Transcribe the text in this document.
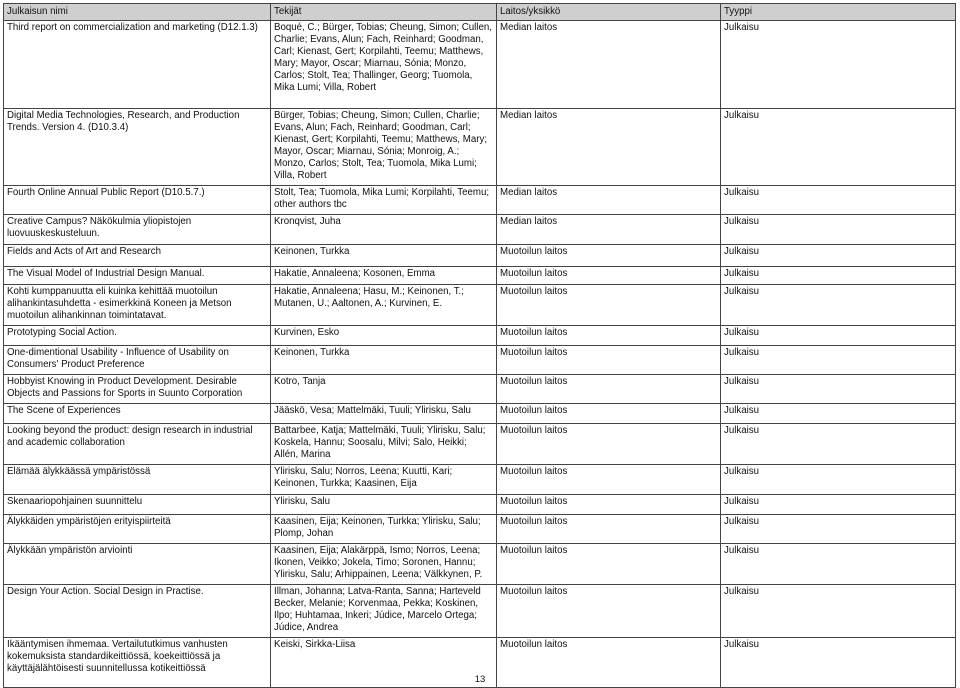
Julkaisun nimi	Tekijät	Laitos/yksikkö	Tyyppi
Third report on commercialization and marketing (D12.1.3)	Boqué, C.; Bürger, Tobias; Cheung, Simon; Cullen, Charlie; Evans, Alun; Fach, Reinhard; Goodman, Carl; Kienast, Gert; Korpilahti, Teemu; Matthews, Mary; Mayor, Oscar; Miarnau, Sónia; Monzo, Carlos; Stolt, Tea; Thallinger, Georg; Tuomola, Mika Lumi; Villa, Robert	Median laitos	Julkaisu
Digital Media Technologies, Research, and Production Trends. Version 4. (D10.3.4)	Bürger, Tobias; Cheung, Simon; Cullen, Charlie; Evans, Alun; Fach, Reinhard; Goodman, Carl; Kienast, Gert; Korpilahti, Teemu; Matthews, Mary; Mayor, Oscar; Miarnau, Sónia; Monroig, A.; Monzo, Carlos; Stolt, Tea; Tuomola, Mika Lumi; Villa, Robert	Median laitos	Julkaisu
Fourth Online Annual Public Report (D10.5.7.)	Stolt, Tea; Tuomola, Mika Lumi; Korpilahti, Teemu; other authors tbc	Median laitos	Julkaisu
Creative Campus? Näkökulmia yliopistojen luovuuskeskusteluun.	Kronqvist, Juha	Median laitos	Julkaisu
Fields and Acts of Art and Research	Keinonen, Turkka	Muotoilun laitos	Julkaisu
The Visual Model of Industrial Design Manual.	Hakatie, Annaleena; Kosonen, Emma	Muotoilun laitos	Julkaisu
Kohti kumppanuutta eli kuinka kehittää muotoilun alihankintasuhdetta - esimerkkinä Koneen ja Metson muotoilun alihankinnan toimintatavat.	Hakatie, Annaleena; Hasu, M.; Keinonen, T.; Mutanen, U.; Aaltonen, A.; Kurvinen, E.	Muotoilun laitos	Julkaisu
Prototyping Social Action.	Kurvinen, Esko	Muotoilun laitos	Julkaisu
One-dimentional Usability - Influence of Usability on Consumers' Product Preference	Keinonen, Turkka	Muotoilun laitos	Julkaisu
Hobbyist Knowing in Product Development. Desirable Objects and Passions for Sports in Suunto Corporation	Kotro, Tanja	Muotoilun laitos	Julkaisu
The Scene of Experiences	Jääskö, Vesa; Mattelmäki, Tuuli; Ylirisku, Salu	Muotoilun laitos	Julkaisu
Looking beyond the product: design research in industrial and academic collaboration	Battarbee, Katja; Mattelmäki, Tuuli; Ylirisku, Salu; Koskela, Hannu; Soosalu, Milvi; Salo, Heikki; Allén, Marina	Muotoilun laitos	Julkaisu
Elämää älykkäässä ympäristössä	Ylirisku, Salu; Norros, Leena; Kuutti, Kari; Keinonen, Turkka; Kaasinen, Eija	Muotoilun laitos	Julkaisu
Skenaariopohjainen suunnittelu	Ylirisku, Salu	Muotoilun laitos	Julkaisu
Älykkäiden ympäristöjen erityispiirteitä	Kaasinen, Eija; Keinonen, Turkka; Ylirisku, Salu; Plomp, Johan	Muotoilun laitos	Julkaisu
Älykkään ympäristön arviointi	Kaasinen, Eija; Alakärppä, Ismo; Norros, Leena; Ikonen, Veikko; Jokela, Timo; Soronen, Hannu; Ylirisku, Salu; Arhippainen, Leena; Välkkynen, P.	Muotoilun laitos	Julkaisu
Design Your Action. Social Design in Practise.	Illman, Johanna; Latva-Ranta, Sanna; Harteveld Becker, Melanie; Korvenmaa, Pekka; Koskinen, Ilpo; Huhtamaa, Inkeri; Júdice, Marcelo Ortega; Júdice, Andrea	Muotoilun laitos	Julkaisu
Ikääntymisen ihmemaa. Vertailututkimus vanhusten kokemuksista standardikeittiössä, koekeittiössä ja käyttäjälähtöisesti suunnitellussa kotikeittiössä	Keiski, Sirkka-Liisa	Muotoilun laitos	Julkaisu
13
